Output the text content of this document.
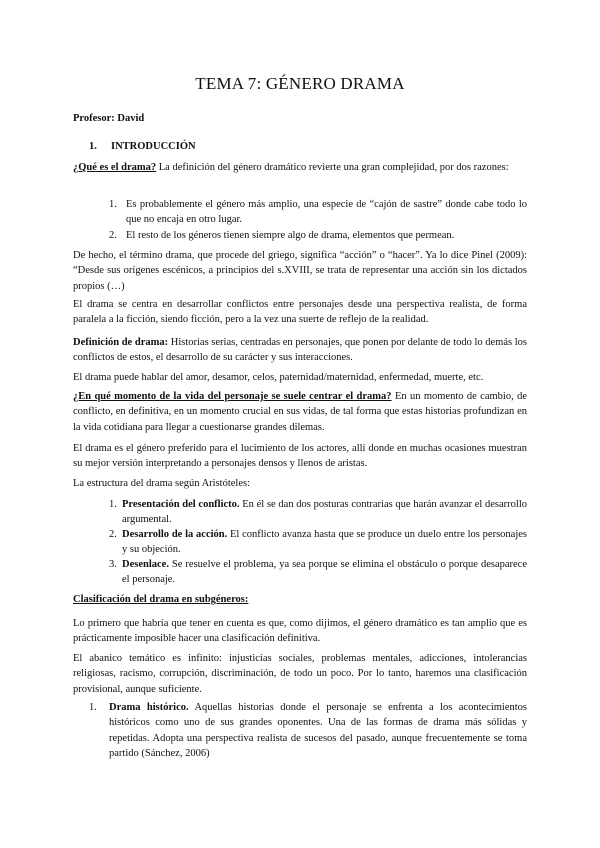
TEMA 7: GÉNERO DRAMA
Profesor: David
1. INTRODUCCIÓN

¿Qué es el drama? La definición del género dramático revierte una gran complejidad, por dos razones:

1. Es probablemente el género más amplio, una especie de “cajón de sastre” donde cabe todo lo que no encaja en otro lugar.

2. El resto de los géneros tienen siempre algo de drama, elementos que permean.

De hecho, el término drama, que procede del griego, significa “acción” o “hacer”. Ya lo dice Pinel (2009): “Desde sus orígenes escénicos, a principios del s.XVIII, se trata de representar una acción sin los dictados propios (…)

El drama se centra en desarrollar conflictos entre personajes desde una perspectiva realista, de forma paralela a la ficción, siendo ficción, pero a la vez una suerte de reflejo de la realidad.

Definición de drama: Historias serias, centradas en personajes, que ponen por delante de todo lo demás los conflictos de estos, el desarrollo de su carácter y sus interacciones.

El drama puede hablar del amor, desamor, celos, paternidad/maternidad, enfermedad, muerte, etc.

¿En qué momento de la vida del personaje se suele centrar el drama? En un momento de cambio, de conflicto, en definitiva, en un momento crucial en sus vidas, de tal forma que estas historias profundizan en la vida cotidiana para llegar a cuestionarse grandes dilemas.

El drama es el género preferido para el lucimiento de los actores, allí donde en muchas ocasiones muestran su mejor versión interpretando a personajes densos y llenos de aristas.

La estructura del drama según Aristóteles:

1. Presentación del conflicto. En él se dan dos posturas contrarias que harán avanzar el desarrollo argumental.

2. Desarrollo de la acción. El conflicto avanza hasta que se produce un duelo entre los personajes y su objeción.

3. Desenlace. Se resuelve el problema, ya sea porque se elimina el obstáculo o porque desaparece el personaje.

Clasificación del drama en subgéneros:

Lo primero que habría que tener en cuenta es que, como dijimos, el género dramático es tan amplio que es prácticamente imposible hacer una clasificación definitiva.

El abanico temático es infinito: injusticias sociales, problemas mentales, adicciones, intolerancias religiosas, racismo, corrupción, discriminación, de todo un poco. Por lo tanto, haremos una clasificación provisional, aunque suficiente.

1.	Drama histórico. Aquellas historias donde el personaje se enfrenta a los acontecimientos históricos como uno de sus grandes oponentes. Una de las formas de drama más sólidas y repetidas. Adopta una perspectiva realista de sucesos del pasado, aunque frecuentemente se toma partido (Sánchez, 2006)
